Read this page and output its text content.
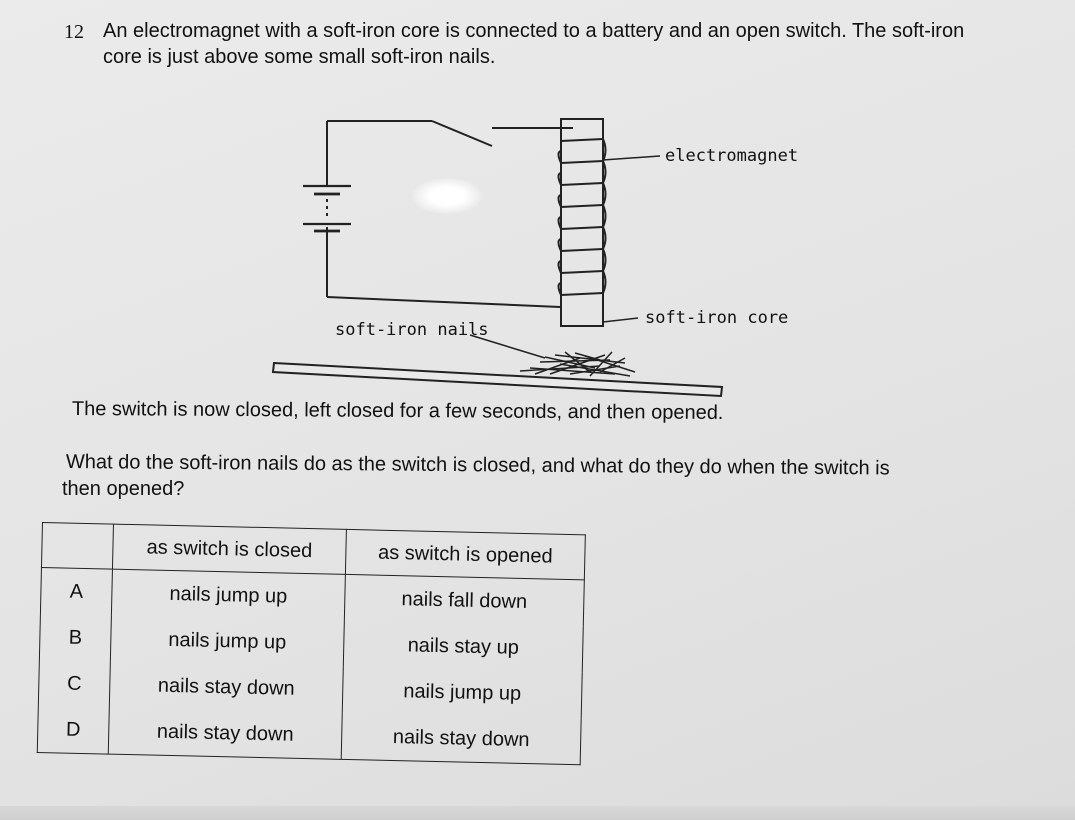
12 An electromagnet with a soft-iron core is connected to a battery and an open switch. The soft-iron
core is just above some small soft-iron nails.
electromagnet
soft-iron core
soft-iron nails
The switch is now closed, left closed for a few seconds, and then opened.
What do the soft-iron nails do as the switch is closed, and what do they do when the switch is
then opened?
	as switch is closed	as switch is opened
A	nails jump up	nails fall down
B	nails jump up	nails stay up
C	nails stay down	nails jump up
D	nails stay down	nails stay down
